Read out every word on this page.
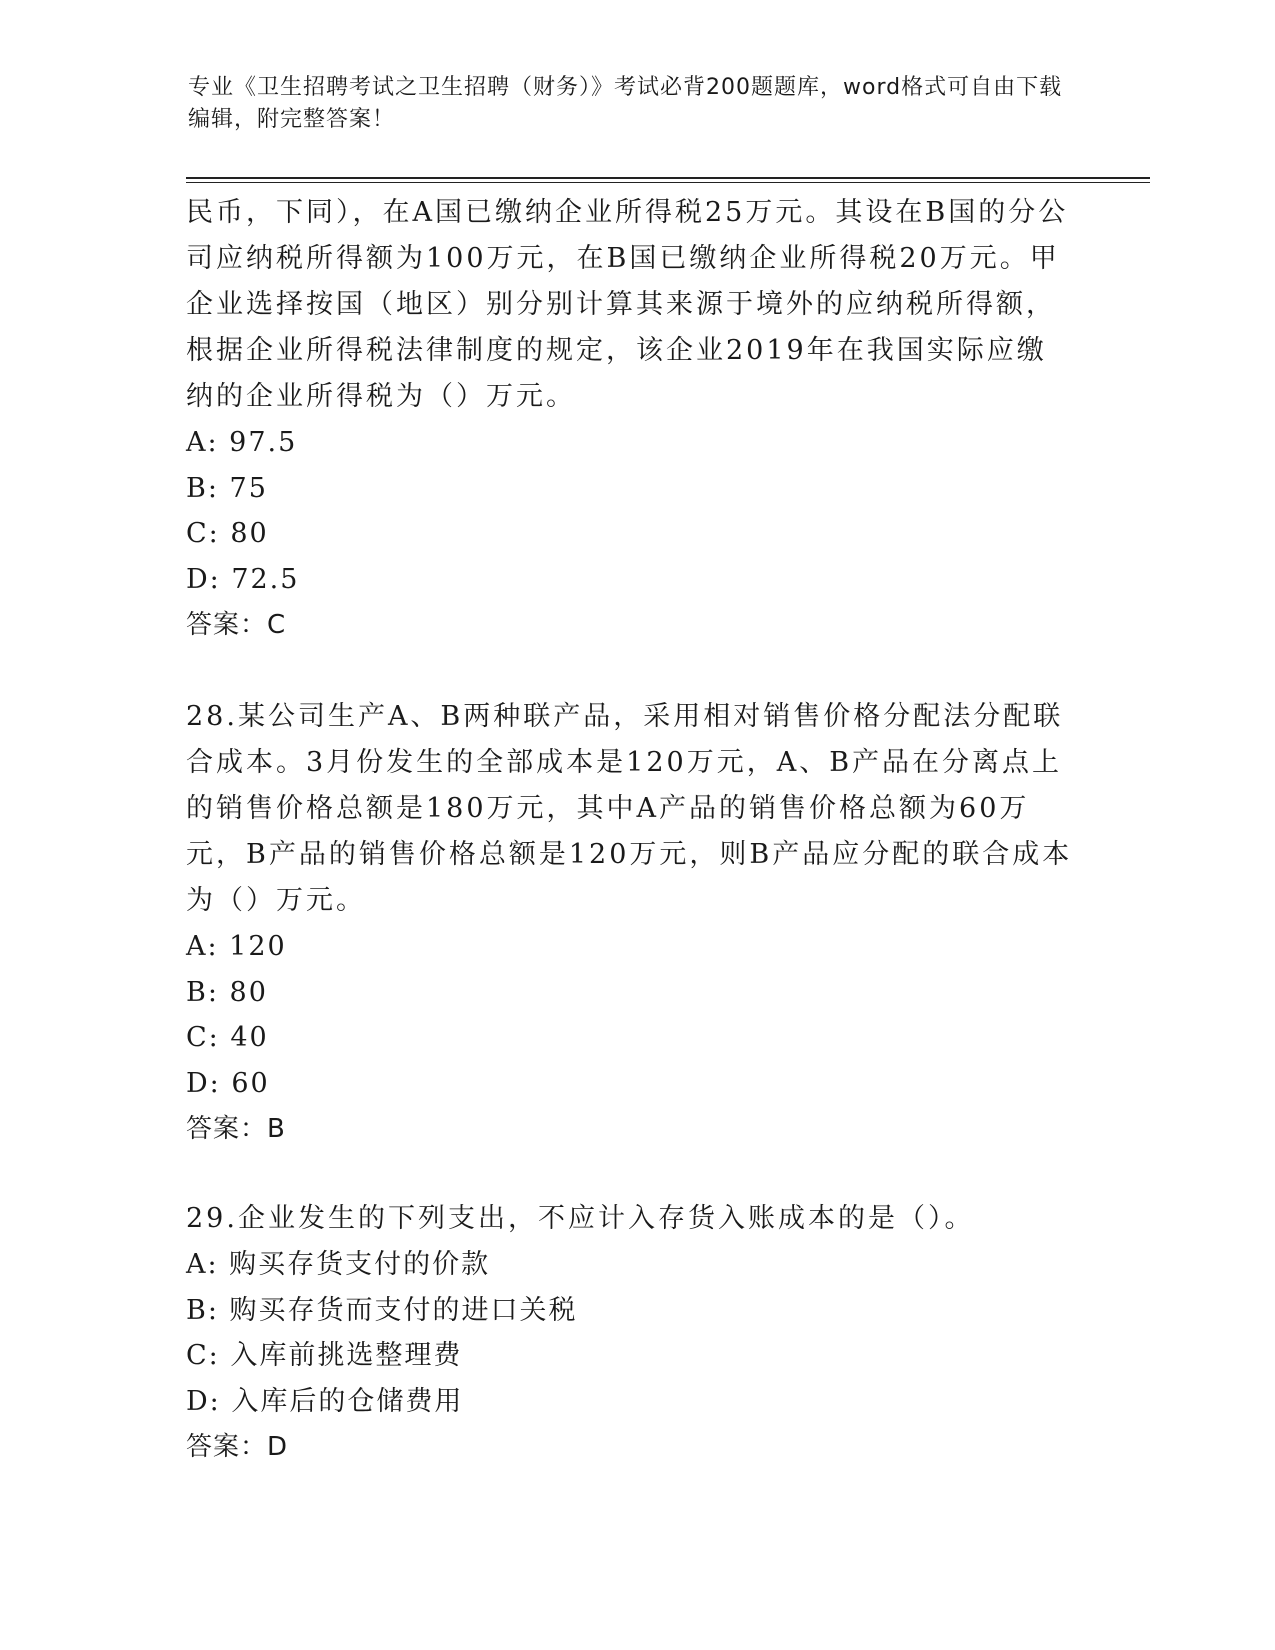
专业《卫生招聘考试之卫生招聘（财务）》考试必背200题题库，word格式可自由下载编辑，附完整答案！

民币，下同），在A国已缴纳企业所得税25万元。其设在B国的分公司应纳税所得额为100万元，在B国已缴纳企业所得税20万元。甲企业选择按国（地区）别分别计算其来源于境外的应纳税所得额，根据企业所得税法律制度的规定，该企业2019年在我国实际应缴纳的企业所得税为（）万元。

A: 97.5

B: 75

C: 80

D: 72.5

答案：C

28.某公司生产A、B两种联产品，采用相对销售价格分配法分配联合成本。3月份发生的全部成本是120万元，A、B产品在分离点上的销售价格总额是180万元，其中A产品的销售价格总额为60万元，B产品的销售价格总额是120万元，则B产品应分配的联合成本为（）万元。

A: 120

B: 80

C: 40

D: 60

答案：B

29.企业发生的下列支出，不应计入存货入账成本的是（）。

A: 购买存货支付的价款

B: 购买存货而支付的进口关税

C: 入库前挑选整理费

D: 入库后的仓储费用

答案：D
